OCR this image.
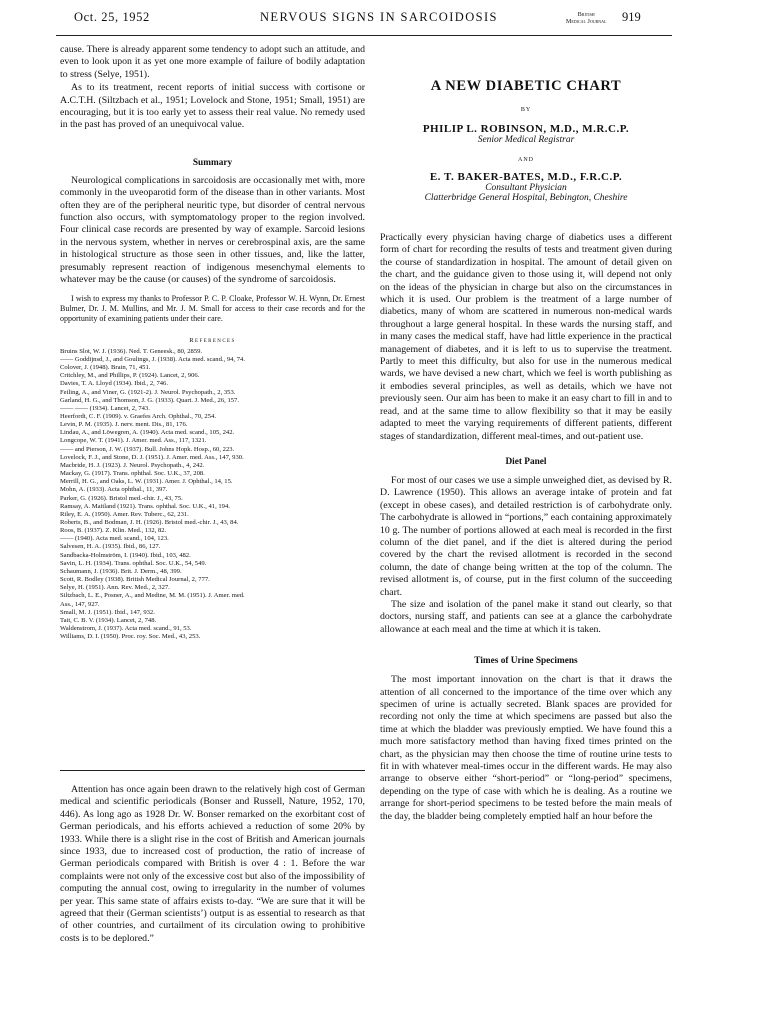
Oct. 25, 1952	NERVOUS SIGNS IN SARCOIDOSIS	British
Medical Journal 919

cause. There is already apparent some tendency to adopt such an attitude, and even to look upon it as yet one more example of failure of bodily adaptation to stress (Selye, 1951).

As to its treatment, recent reports of initial success with cortisone or A.C.T.H. (Siltzbach et al., 1951; Lovelock and Stone, 1951; Small, 1951) are encouraging, but it is too early yet to assess their real value. No remedy used in the past has proved of an unequivocal value.

Summary

Neurological complications in sarcoidosis are occasionally met with, more commonly in the uveoparotid form of the disease than in other variants. Most often they are of the peripheral neuritic type, but disorder of central nervous function also occurs, with symptomatology proper to the region involved. Four clinical case records are presented by way of example. Sarcoid lesions in the nervous system, whether in nerves or cerebrospinal axis, are the same in histological structure as those seen in other tissues, and, like the latter, presumably represent reaction of indigenous mesenchymal elements to whatever may be the cause (or causes) of the syndrome of sarcoidosis.

I wish to express my thanks to Professor P. C. P. Cloake, Professor W. H. Wynn, Dr. Ernest Bulmer, Dr. J. M. Mullins, and Mr. J. M. Small for access to their case records and for the opportunity of examining patients under their care.

References
Bruins Slot, W. J. (1936). Ned. T. Geneesk., 80, 2859.
—— Goddijnsd, J., and Goulings, J. (1938). Acta med. scand., 94, 74.
Colover, J. (1948). Brain, 71, 451.
Critchley, M., and Phillips, P. (1924). Lancet, 2, 906.
Davies, T. A. Lloyd (1934). Ibid., 2, 746.
Feiling, A., and Viner, G. (1921-2). J. Neurol. Psychopath., 2, 353.
Garland, H. G., and Thomson, J. G. (1933). Quart. J. Med., 26, 157.
—— —— (1934). Lancet, 2, 743.
Heerfordt, C. F. (1909). v. Graefes Arch. Ophthal., 70, 254.
Levin, P. M. (1935). J. nerv. ment. Dis., 81, 176.
Lindau, A., and Löwegren, A. (1940). Acta med. scand., 105, 242.
Longcope, W. T. (1941). J. Amer. med. Ass., 117, 1321.
—— and Pierson, J. W. (1937). Bull. Johns Hopk. Hosp., 60, 223.
Lovelock, F. J., and Stone, D. J. (1951). J. Amer. med. Ass., 147, 930.
Macbride, H. J. (1923). J. Neurol. Psychopath., 4, 242.
Mackay, G. (1917). Trans. ophthal. Soc. U.K., 37, 208.
Merrill, H. G., and Oaks, L. W. (1931). Amer. J. Ophthal., 14, 15.
Mohn, A. (1933). Acta ophthal., 11, 397.
Parker, G. (1926). Bristol med.-chir. J., 43, 75.
Ramsay, A. Maitland (1921). Trans. ophthal. Soc. U.K., 41, 194.
Riley, E. A. (1950). Amer. Rev. Tuberc., 62, 231.
Roberts, B., and Bodman, J. H. (1926). Bristol med.-chir. J., 43, 84.
Roos, B. (1937). Z. Klin. Med., 132, 82.
—— (1940). Acta med. scand., 104, 123.
Salvesen, H. A. (1935). Ibid., 86, 127.
Sandbacka-Holmström, I. (1940). Ibid., 103, 482.
Savin, L. H. (1934). Trans. ophthal. Soc. U.K., 54, 549.
Schaumann, J. (1936). Brit. J. Derm., 48, 399.
Scott, R. Bodley (1938). British Medical Journal, 2, 777.
Selye, H. (1951). Ann. Rev. Med., 2, 327.
Siltzbach, L. E., Posner, A., and Medine, M. M. (1951). J. Amer. med.
Ass., 147, 927.
Small, M. J. (1951). Ibid., 147, 932.
Tait, C. B. V. (1934). Lancet, 2, 748.
Waldenstrom, J. (1937). Acta med. scand., 91, 53.
Williams, D. I. (1950). Proc. roy. Soc. Med., 43, 253.

Attention has once again been drawn to the relatively high cost of German medical and scientific periodicals (Bonser and Russell, Nature, 1952, 170, 446). As long ago as 1928 Dr. W. Bonser remarked on the exorbitant cost of German periodicals, and his efforts achieved a reduction of some 20% by 1933. While there is a slight rise in the cost of British and American journals since 1933, due to increased cost of production, the ratio of increase of German periodicals compared with British is over 4 : 1. Before the war complaints were not only of the excessive cost but also of the impossibility of computing the annual cost, owing to irregularity in the number of volumes per year. This same state of affairs exists to-day. “We are sure that it will be agreed that their (German scientists’) output is as essential to research as that of other countries, and curtailment of its circulation owing to prohibitive costs is to be deplored.”

A NEW DIABETIC CHART
BY
PHILIP L. ROBINSON, M.D., M.R.C.P.
Senior Medical Registrar
AND
E. T. BAKER-BATES, M.D., F.R.C.P.
Consultant Physician
Clatterbridge General Hospital, Bebington, Cheshire

Practically every physician having charge of diabetics uses a different form of chart for recording the results of tests and treatment given during the course of standardization in hospital. The amount of detail given on the chart, and the guidance given to those using it, will depend not only on the ideas of the physician in charge but also on the circumstances in which it is used. Our problem is the treatment of a large number of diabetics, many of whom are scattered in numerous non-medical wards throughout a large general hospital. In these wards the nursing staff, and in many cases the medical staff, have had little experience in the practical management of diabetes, and it is left to us to supervise the treatment. Partly to meet this difficulty, but also for use in the numerous medical wards, we have devised a new chart, which we feel is worth publishing as it embodies several principles, as well as details, which we have not previously seen. Our aim has been to make it an easy chart to fill in and to read, and at the same time to allow flexibility so that it may be easily adapted to meet the varying requirements of different patients, different stages of standardization, different meal-times, and out-patient use.

Diet Panel

For most of our cases we use a simple unweighed diet, as devised by R. D. Lawrence (1950). This allows an average intake of protein and fat (except in obese cases), and detailed restriction is of carbohydrate only. The carbohydrate is allowed in “portions,” each containing approximately 10 g. The number of portions allowed at each meal is recorded in the first column of the diet panel, and if the diet is altered during the period covered by the chart the revised allotment is recorded in the second column, the date of change being written at the top of the column. The revised allotment is, of course, put in the first column of the succeeding chart.

The size and isolation of the panel make it stand out clearly, so that doctors, nursing staff, and patients can see at a glance the carbohydrate allowance at each meal and the time at which it is taken.

Times of Urine Specimens

The most important innovation on the chart is that it draws the attention of all concerned to the importance of the time over which any specimen of urine is actually secreted. Blank spaces are provided for recording not only the time at which specimens are passed but also the time at which the bladder was previously emptied. We have found this a much more satisfactory method than having fixed times printed on the chart, as the physician may then choose the time of routine urine tests to fit in with whatever meal-times occur in the different wards. He may also arrange to observe either “short-period” or “long-period” specimens, depending on the type of case with which he is dealing. As a routine we arrange for short-period specimens to be tested before the main meals of the day, the bladder being completely emptied half an hour before the
